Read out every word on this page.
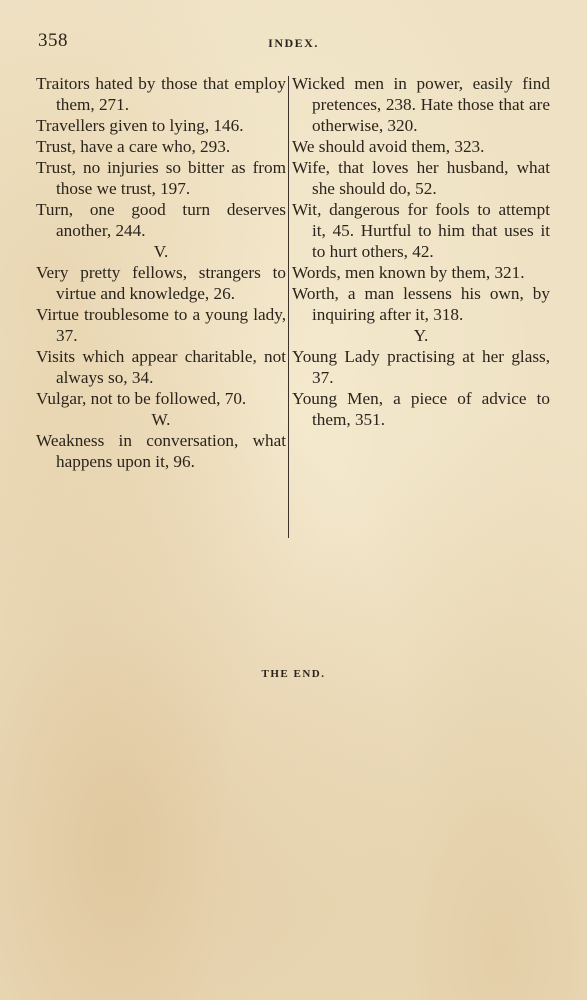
358	INDEX.
Traitors hated by those that employ them, 271.
Travellers given to lying, 146.
Trust, have a care who, 293.
Trust, no injuries so bitter as from those we trust, 197.
Turn, one good turn deserves another, 244.
V.
Very pretty fellows, strangers to virtue and knowledge, 26.
Virtue troublesome to a young lady, 37.
Visits which appear charitable, not always so, 34.
Vulgar, not to be followed, 70.
W.
Weakness in conversation, what happens upon it, 96.
Wicked men in power, easily find pretences, 238. Hate those that are otherwise, 320.
We should avoid them, 323.
Wife, that loves her husband, what she should do, 52.
Wit, dangerous for fools to attempt it, 45. Hurtful to him that uses it to hurt others, 42.
Words, men known by them, 321.
Worth, a man lessens his own, by inquiring after it, 318.
Y.
Young Lady practising at her glass, 37.
Young Men, a piece of advice to them, 351.
THE END.
